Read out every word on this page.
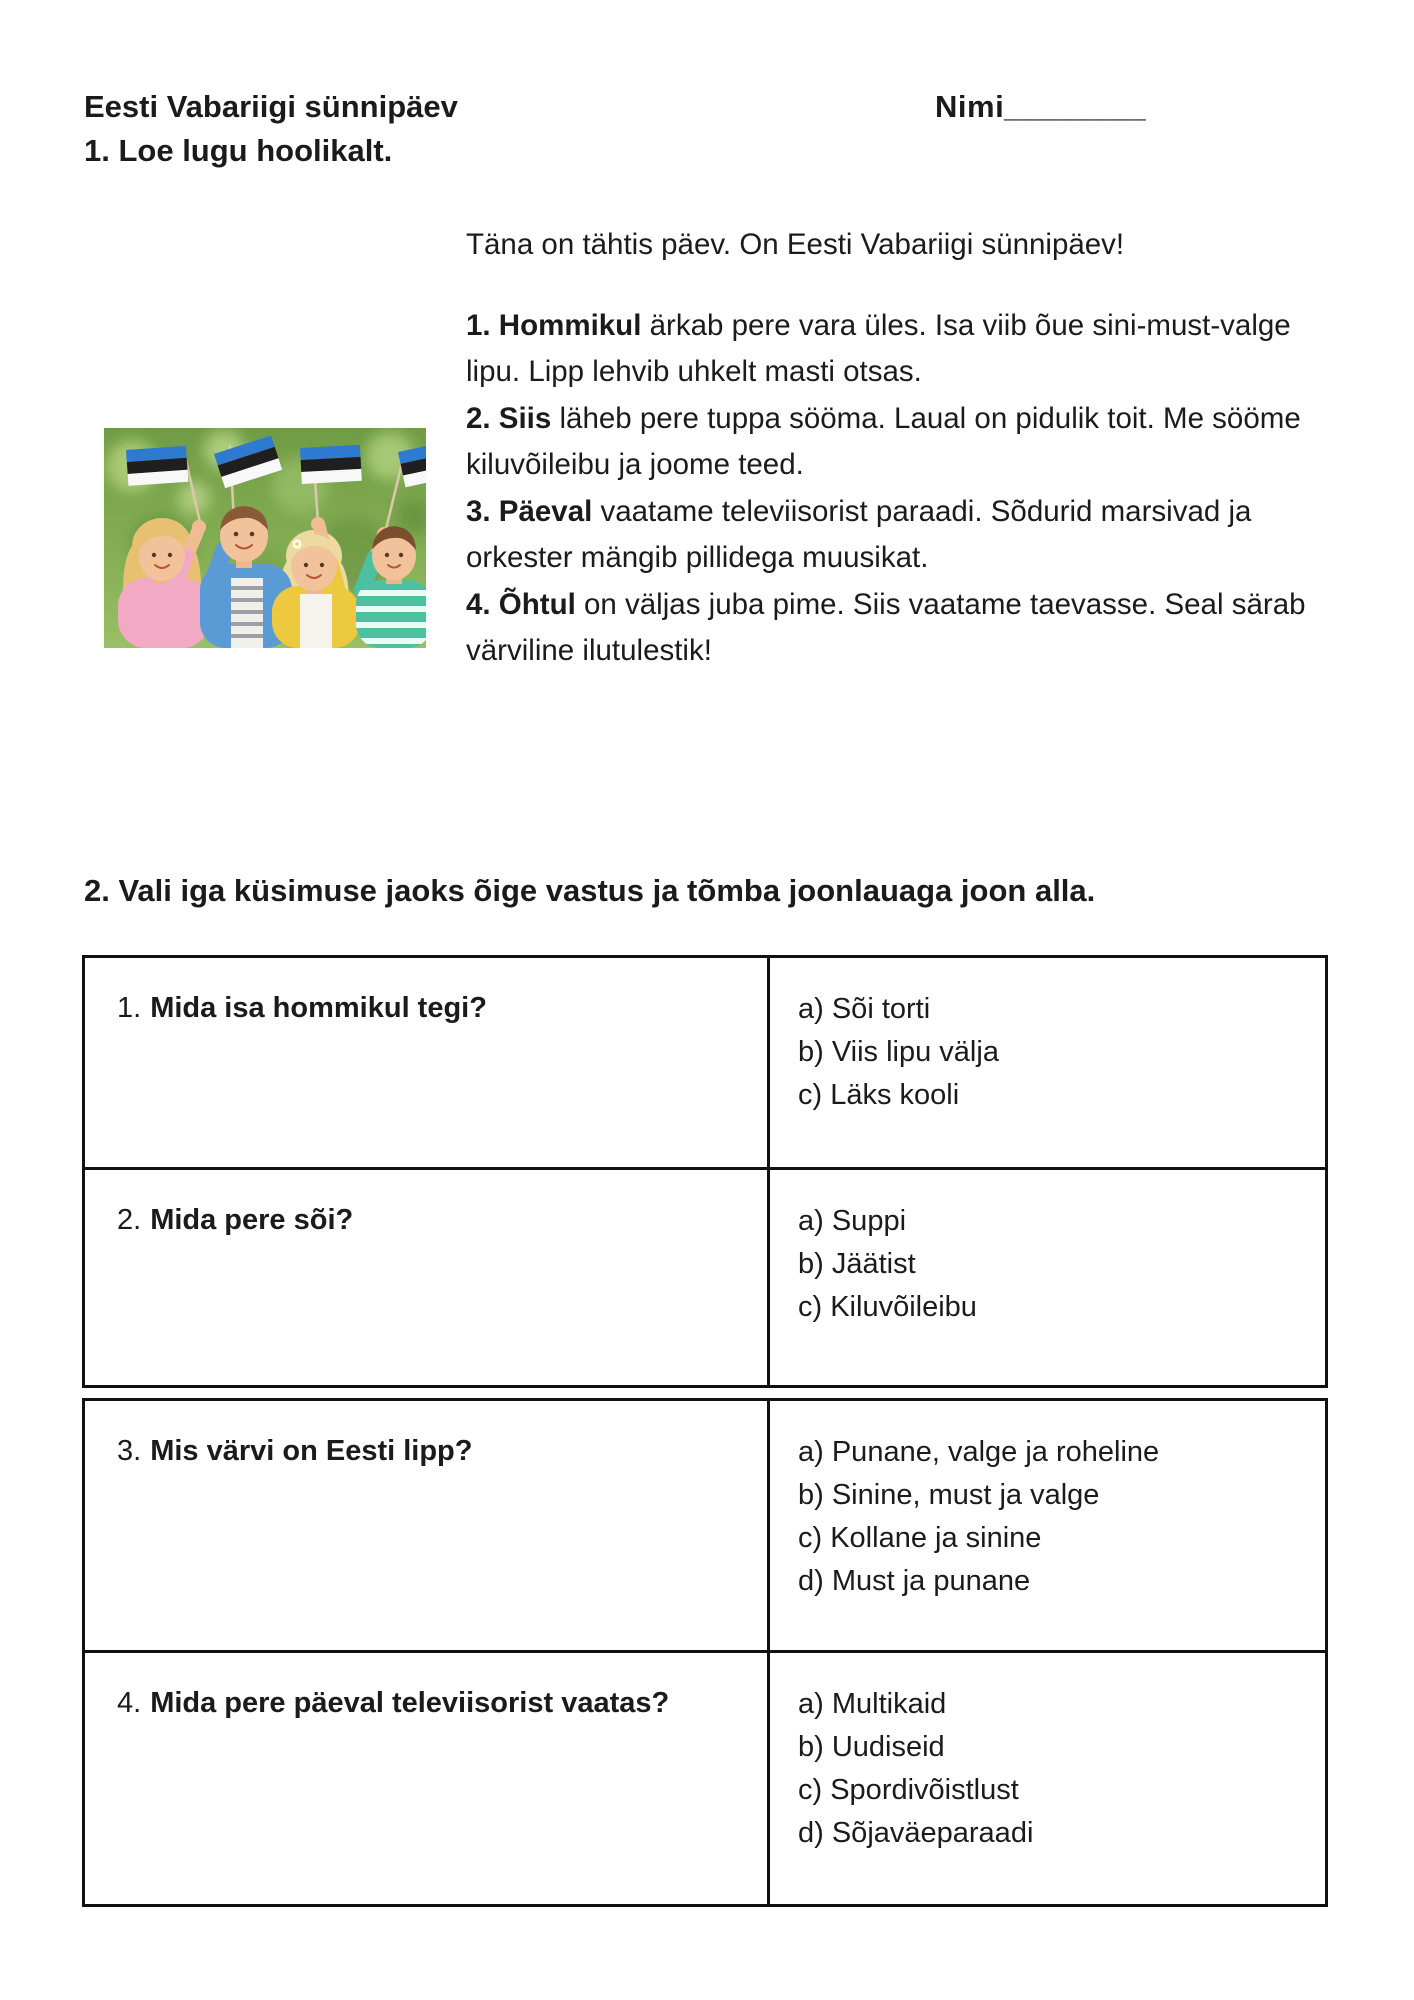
Eesti Vabariigi sünnipäev	Nimi________
1. Loe lugu hoolikalt.

Täna on tähtis päev. On Eesti Vabariigi sünnipäev!

1. Hommikul ärkab pere vara üles. Isa viib õue sini-must-valge lipu. Lipp lehvib uhkelt masti otsas.

2. Siis läheb pere tuppa sööma. Laual on pidulik toit. Me sööme kiluvõileibu ja joome teed.

3. Päeval vaatame televiisorist paraadi. Sõdurid marsivad ja orkester mängib pillidega muusikat.

4. Õhtul on väljas juba pime. Siis vaatame taevasse. Seal särab värviline ilutulestik!

2. Vali iga küsimuse jaoks õige vastus ja tõmba joonlauaga joon alla.
1. Mida isa hommikul tegi?	a) Sõi torti
b) Viis lipu välja
c) Läks kooli

2. Mida pere sõi?	a) Suppi
b) Jäätist
c) Kiluvõileibu
3. Mis värvi on Eesti lipp?	a) Punane, valge ja roheline
b) Sinine, must ja valge
c) Kollane ja sinine
d) Must ja punane

4. Mida pere päeval televiisorist vaatas?	a) Multikaid
b) Uudiseid
c) Spordivõistlust
d) Sõjaväeparaadi
